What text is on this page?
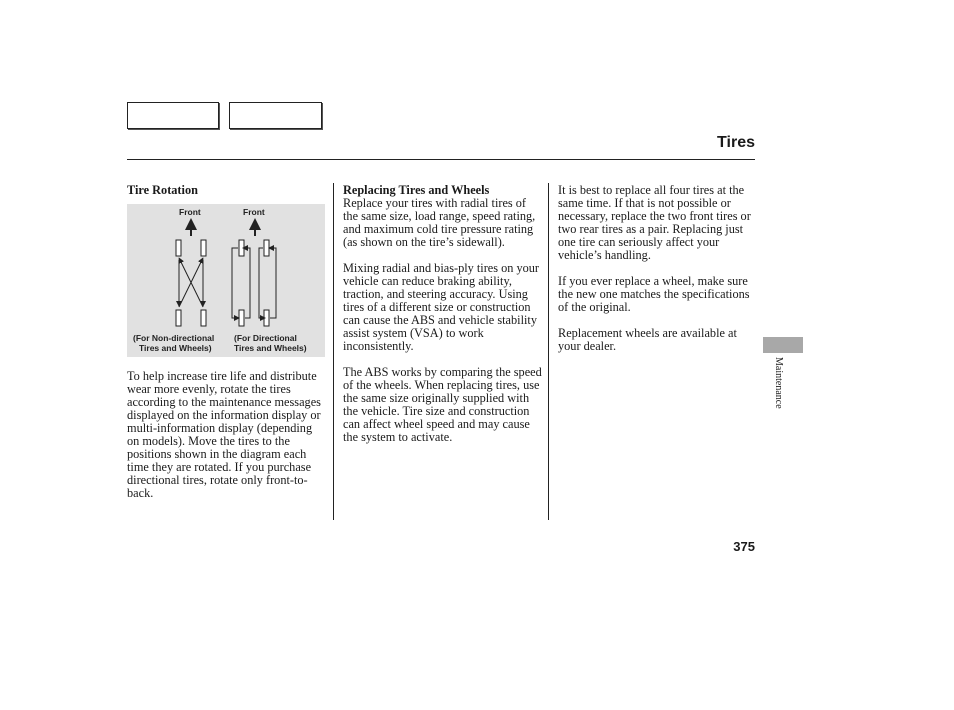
Tires
Tire Rotation
Front	Front
(For Non-directional
Tires and Wheels)
(For Directional
Tires and Wheels)

To help increase tire life and distribute wear more evenly, rotate the tires according to the maintenance messages displayed on the information display or multi-information display (depending on models). Move the tires to the positions shown in the diagram each time they are rotated. If you purchase directional tires, rotate only front-to-back.

Replacing Tires and Wheels

Replace your tires with radial tires of the same size, load range, speed rating, and maximum cold tire pressure rating (as shown on the tire’s sidewall).

Mixing radial and bias-ply tires on your vehicle can reduce braking ability, traction, and steering accuracy. Using tires of a different size or construction can cause the ABS and vehicle stability assist system (VSA) to work inconsistently.

The ABS works by comparing the speed of the wheels. When replacing tires, use the same size originally supplied with the vehicle. Tire size and construction can affect wheel speed and may cause the system to activate.

It is best to replace all four tires at the same time. If that is not possible or necessary, replace the two front tires or two rear tires as a pair. Replacing just one tire can seriously affect your vehicle’s handling.

If you ever replace a wheel, make sure the new one matches the specifications of the original.

Replacement wheels are available at your dealer.

Maintenance
375
